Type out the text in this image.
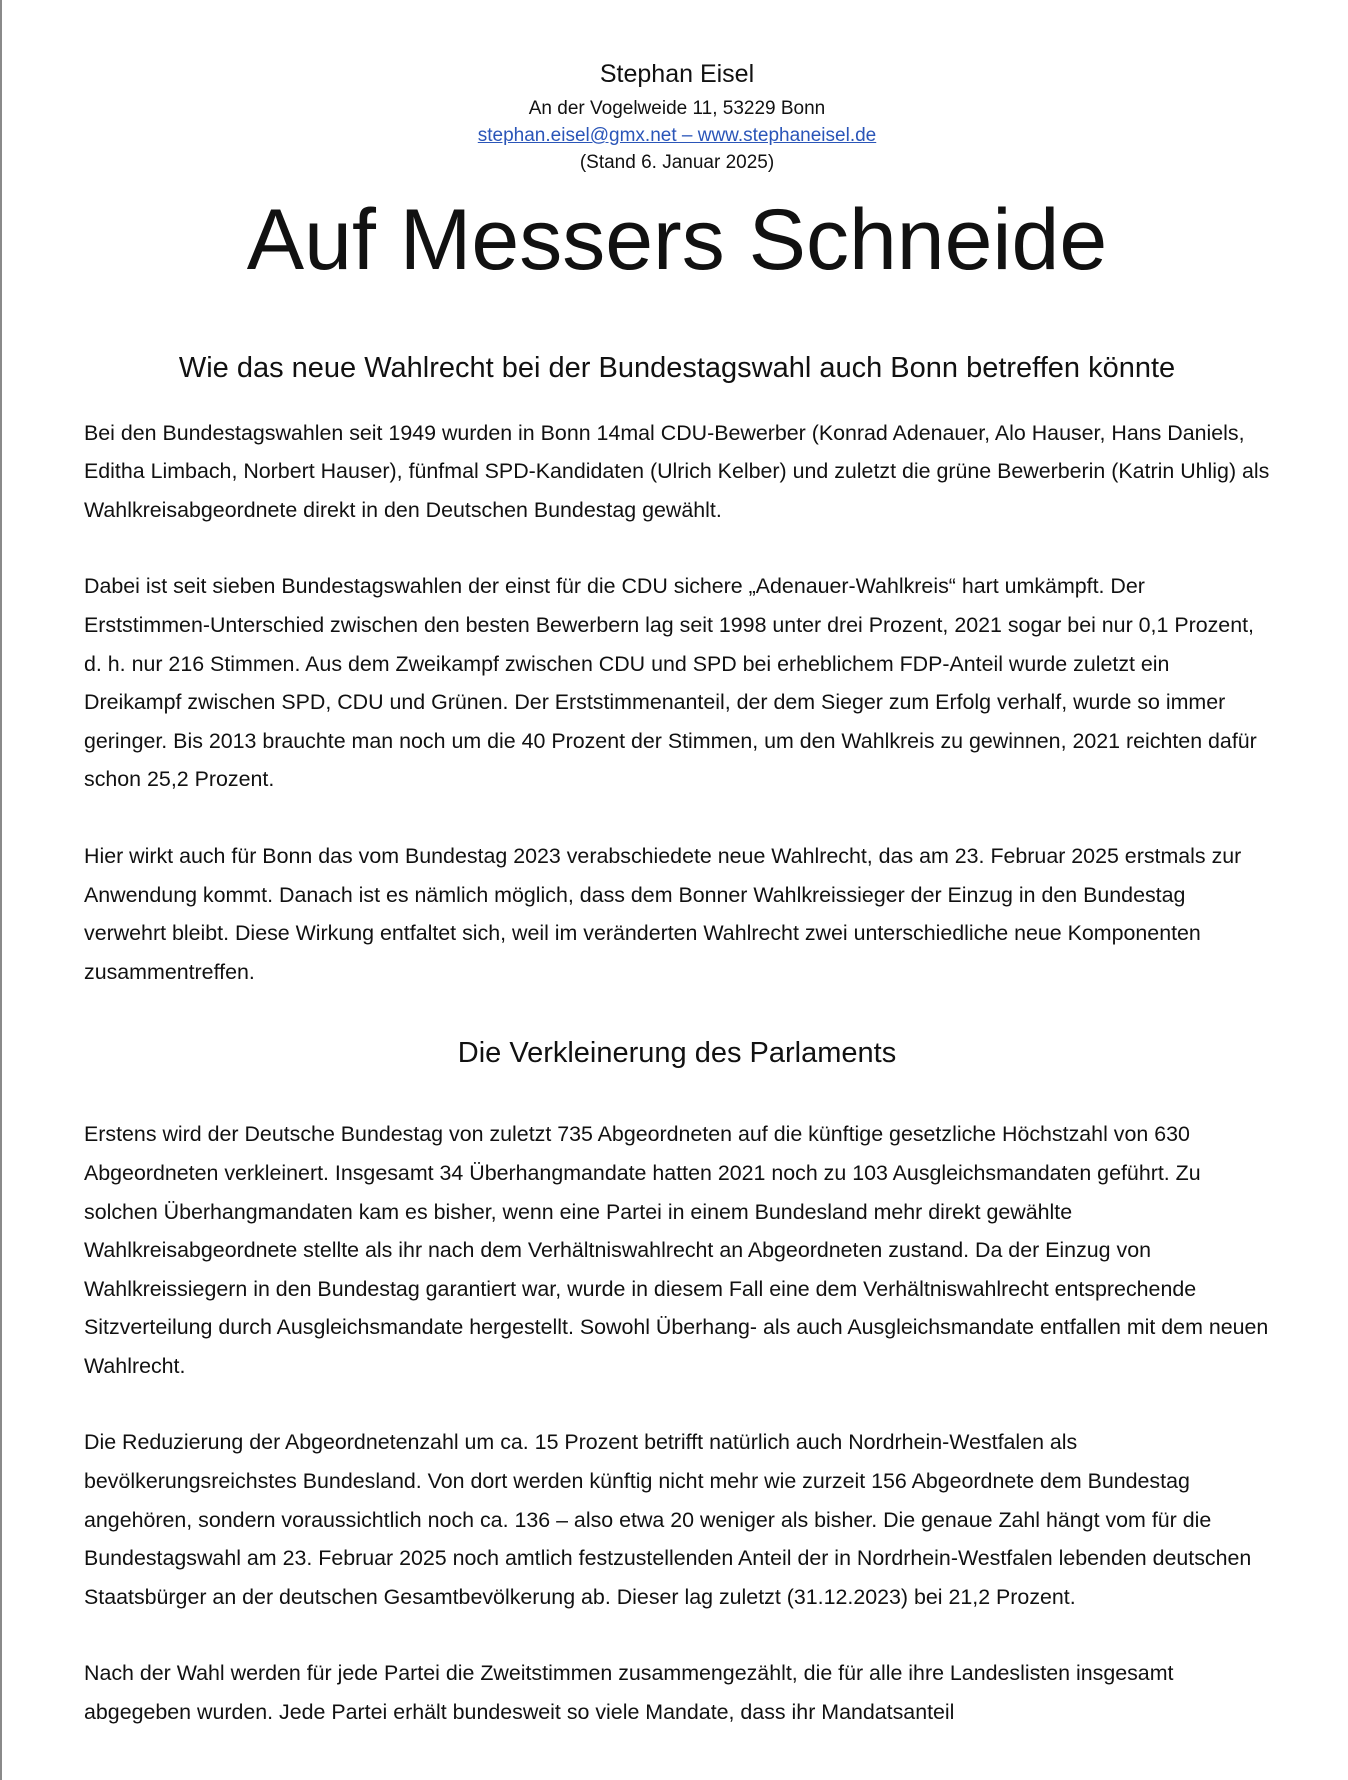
Stephan Eisel
An der Vogelweide 11, 53229 Bonn
stephan.eisel@gmx.net – www.stephaneisel.de
(Stand 6. Januar 2025)
Auf Messers Schneide
Wie das neue Wahlrecht bei der Bundestagswahl auch Bonn betreffen könnte

Bei den Bundestagswahlen seit 1949 wurden in Bonn 14mal CDU-Bewerber (Konrad Adenauer, Alo Hauser, Hans Daniels, Editha Limbach, Norbert Hauser), fünfmal SPD-Kandidaten (Ulrich Kelber) und zuletzt die grüne Bewerberin (Katrin Uhlig) als Wahlkreisabgeordnete direkt in den Deutschen Bundestag gewählt.

Dabei ist seit sieben Bundestagswahlen der einst für die CDU sichere „Adenauer-Wahlkreis“ hart umkämpft. Der Erststimmen-Unterschied zwischen den besten Bewerbern lag seit 1998 unter drei Prozent, 2021 sogar bei nur 0,1 Prozent, d. h. nur 216 Stimmen. Aus dem Zweikampf zwischen CDU und SPD bei erheblichem FDP-Anteil wurde zuletzt ein Dreikampf zwischen SPD, CDU und Grünen. Der Erststimmenanteil, der dem Sieger zum Erfolg verhalf, wurde so immer geringer. Bis 2013 brauchte man noch um die 40 Prozent der Stimmen, um den Wahlkreis zu gewinnen, 2021 reichten dafür schon 25,2 Prozent.

Hier wirkt auch für Bonn das vom Bundestag 2023 verabschiedete neue Wahlrecht, das am 23. Februar 2025 erstmals zur Anwendung kommt. Danach ist es nämlich möglich, dass dem Bonner Wahlkreissieger der Einzug in den Bundestag verwehrt bleibt. Diese Wirkung entfaltet sich, weil im veränderten Wahlrecht zwei unterschiedliche neue Komponenten zusammentreffen.

Die Verkleinerung des Parlaments

Erstens wird der Deutsche Bundestag von zuletzt 735 Abgeordneten auf die künftige gesetzliche Höchstzahl von 630 Abgeordneten verkleinert. Insgesamt 34 Überhangmandate hatten 2021 noch zu 103 Ausgleichsmandaten geführt. Zu solchen Überhangmandaten kam es bisher, wenn eine Partei in einem Bundesland mehr direkt gewählte Wahlkreisabgeordnete stellte als ihr nach dem Verhältniswahlrecht an Abgeordneten zustand. Da der Einzug von Wahlkreissiegern in den Bundestag garantiert war, wurde in diesem Fall eine dem Verhältniswahlrecht entsprechende Sitzverteilung durch Ausgleichsmandate hergestellt. Sowohl Überhang- als auch Ausgleichsmandate entfallen mit dem neuen Wahlrecht.

Die Reduzierung der Abgeordnetenzahl um ca. 15 Prozent betrifft natürlich auch Nordrhein-Westfalen als bevölkerungsreichstes Bundesland. Von dort werden künftig nicht mehr wie zurzeit 156 Abgeordnete dem Bundestag angehören, sondern voraussichtlich noch ca. 136 – also etwa 20 weniger als bisher. Die genaue Zahl hängt vom für die Bundestagswahl am 23. Februar 2025 noch amtlich festzustellenden Anteil der in Nordrhein-Westfalen lebenden deutschen Staatsbürger an der deutschen Gesamtbevölkerung ab. Dieser lag zuletzt (31.12.2023) bei 21,2 Prozent.

Nach der Wahl werden für jede Partei die Zweitstimmen zusammengezählt, die für alle ihre Landeslisten insgesamt abgegeben wurden. Jede Partei erhält bundesweit so viele Mandate, dass ihr Mandatsanteil
